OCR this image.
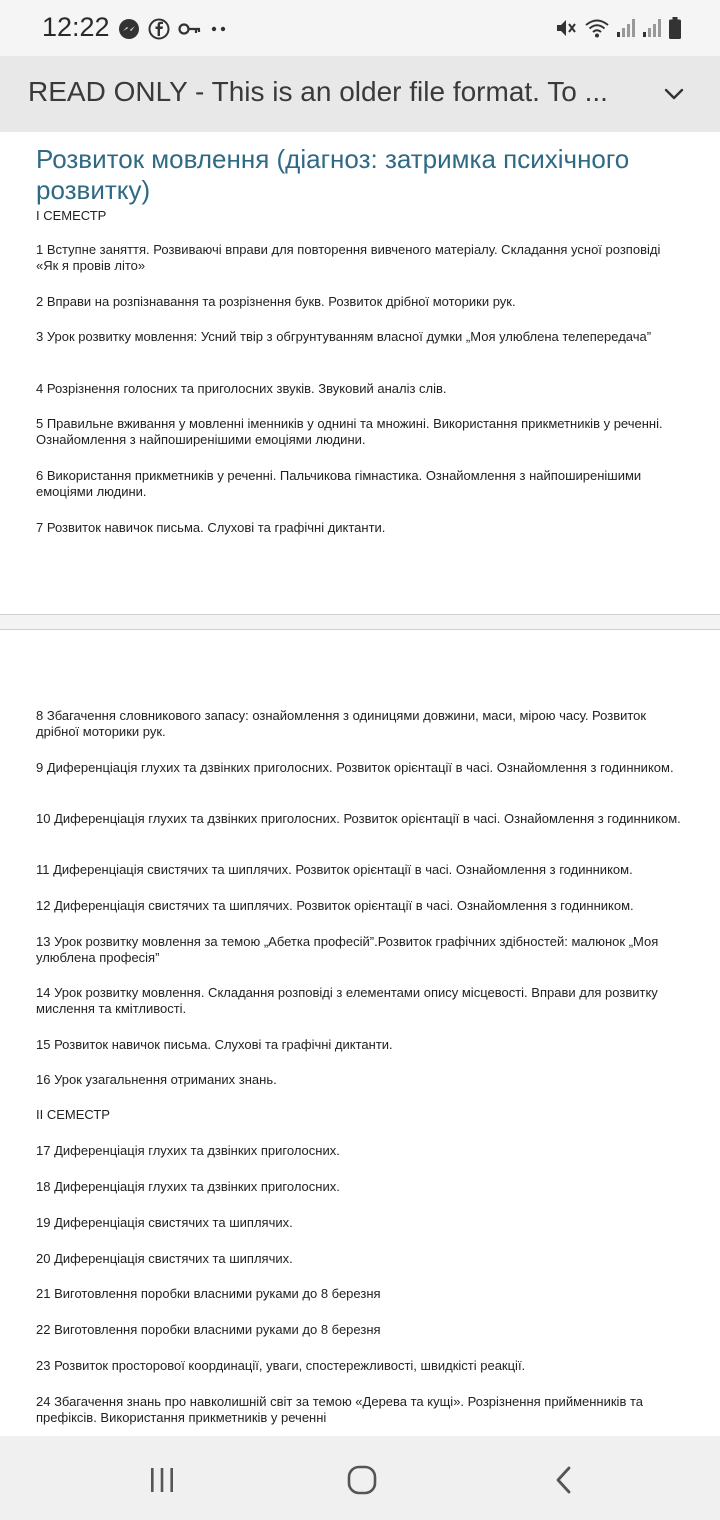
12:22
READ ONLY - This is an older file format. To ...
Розвиток мовлення (діагноз: затримка психічного розвитку)
I СЕМЕСТР
1 Вступне заняття. Розвиваючі вправи для повторення вивченого матеріалу. Складання усної розповіді «Як я провів літо»
2 Вправи на розпізнавання та розрізнення букв. Розвиток дрібної моторики рук.
3 Урок розвитку мовлення: Усний твір з обгрунтуванням власної думки „Моя улюблена телепередача”
4 Розрізнення голосних та приголосних звуків. Звуковий аналіз слів.
5 Правильне вживання у мовленні іменників у однині та множині. Використання прикметників у реченні. Ознайомлення з найпоширенішими емоціями людини.
6 Використання прикметників у реченні. Пальчикова гімнастика. Ознайомлення з найпоширенішими емоціями людини.
7 Розвиток навичок письма. Слухові та графічні диктанти.
8 Збагачення словникового запасу: ознайомлення з одиницями довжини, маси, мірою часу. Розвиток дрібної моторики рук.
9 Диференціація глухих та дзвінких приголосних. Розвиток орієнтації в часі. Ознайомлення з годинником.
10 Диференціація глухих та дзвінких приголосних. Розвиток орієнтації в часі. Ознайомлення з годинником.
11 Диференціація свистячих та шиплячих. Розвиток орієнтації в часі. Ознайомлення з годинником.
12 Диференціація свистячих та шиплячих. Розвиток орієнтації в часі. Ознайомлення з годинником.
13 Урок розвитку мовлення за темою „Абетка професій”.Розвиток графічних здібностей: малюнок „Моя улюблена професія”
14 Урок розвитку мовлення. Складання розповіді з елементами опису місцевості. Вправи для розвитку мислення та кмітливості.
15 Розвиток навичок письма. Слухові та графічні диктанти.
16 Урок узагальнення отриманих знань.
II СЕМЕСТР
17 Диференціація глухих та дзвінких приголосних.
18 Диференціація глухих та дзвінких приголосних.
19 Диференціація свистячих та шиплячих.
20 Диференціація свистячих та шиплячих.
21 Виготовлення поробки власними руками до 8 березня
22 Виготовлення поробки власними руками до 8 березня
23 Розвиток просторової координації, уваги, спостережливості, швидкісті реакції.
24 Збагачення знань про навколишній світ за темою «Дерева та кущі». Розрізнення прийменників та префіксів. Використання прикметників у реченні
